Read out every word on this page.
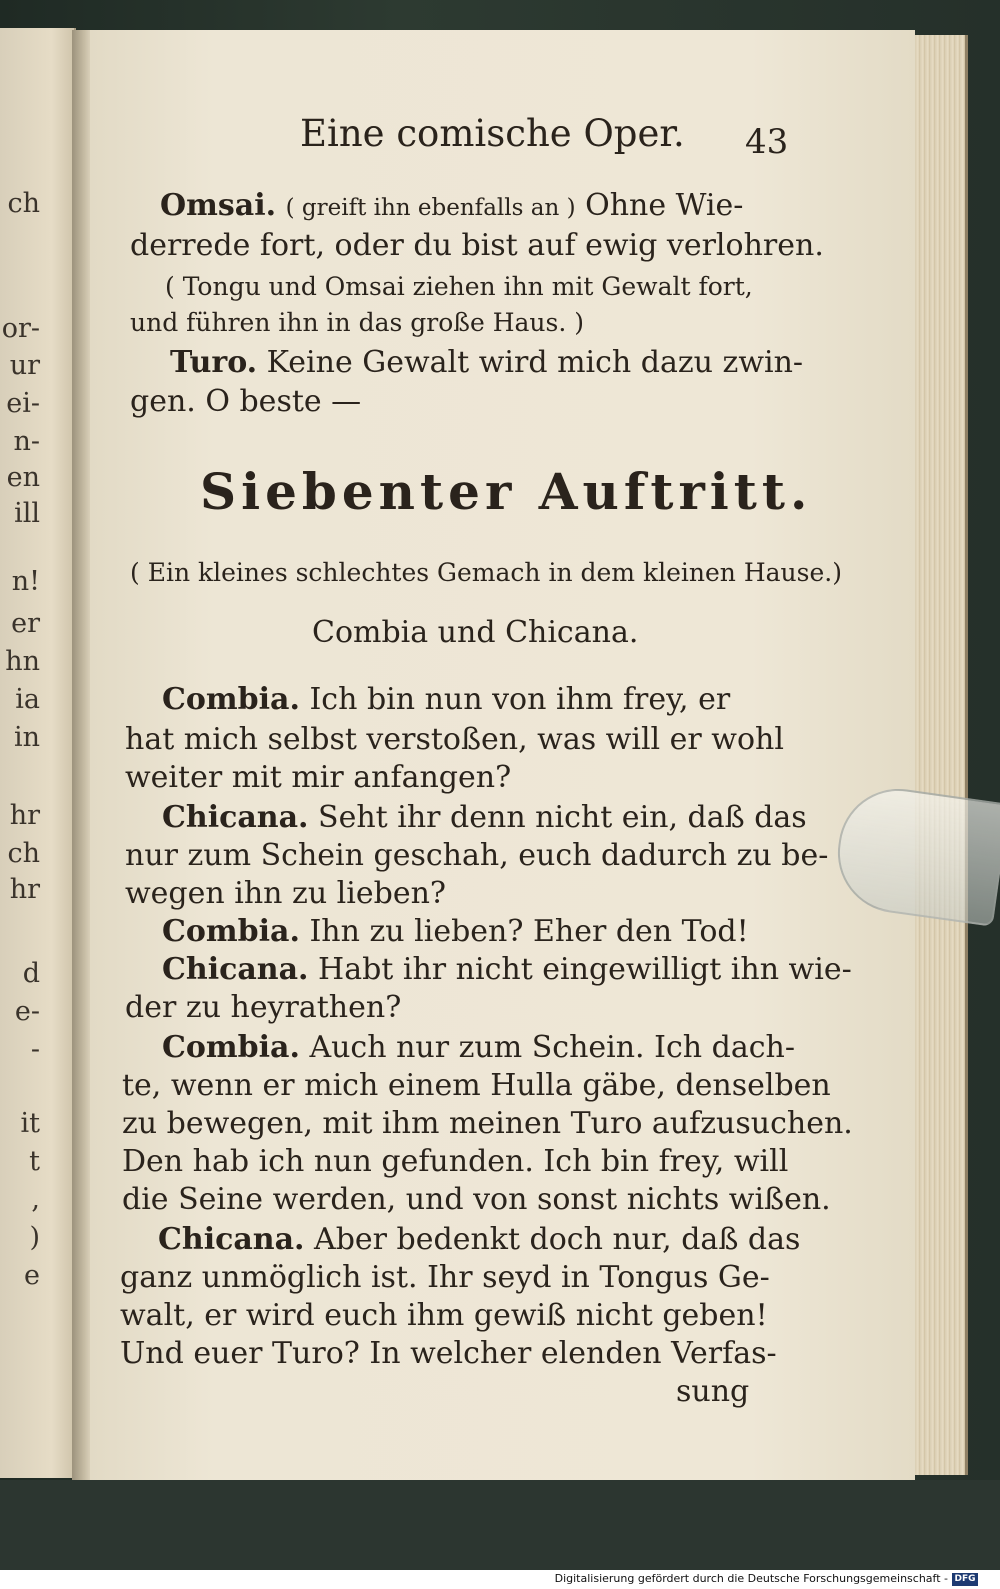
ch
or-
ur
ei-
n-
en
ill
n!
er
hn
ia
in
hr
ch
hr
d
e-
-
it
t
,
)
e
Eine comische Oper. 43
Omsai. ( greift ihn ebenfalls an ) Ohne Wie-
derrede fort, oder du bist auf ewig verlohren.
( Tongu und Omsai ziehen ihn mit Gewalt fort,
und führen ihn in das große Haus. )
Turo. Keine Gewalt wird mich dazu zwin-
gen. O beste —
Siebenter Auftritt.
( Ein kleines schlechtes Gemach in dem kleinen Hause.)
Combia und Chicana.
Combia. Ich bin nun von ihm frey, er
hat mich selbst verstoßen, was will er wohl
weiter mit mir anfangen?
Chicana. Seht ihr denn nicht ein, daß das
nur zum Schein geschah, euch dadurch zu be-
wegen ihn zu lieben?
Combia. Ihn zu lieben? Eher den Tod!
Chicana. Habt ihr nicht eingewilligt ihn wie-
der zu heyrathen?
Combia. Auch nur zum Schein. Ich dach-
te, wenn er mich einem Hulla gäbe, denselben
zu bewegen, mit ihm meinen Turo aufzusuchen.
Den hab ich nun gefunden. Ich bin frey, will
die Seine werden, und von sonst nichts wißen.
Chicana. Aber bedenkt doch nur, daß das
ganz unmöglich ist. Ihr seyd in Tongus Ge-
walt, er wird euch ihm gewiß nicht geben!
Und euer Turo? In welcher elenden Verfas-
sung
Digitalisierung gefördert durch die Deutsche Forschungsgemeinschaft - DFG
